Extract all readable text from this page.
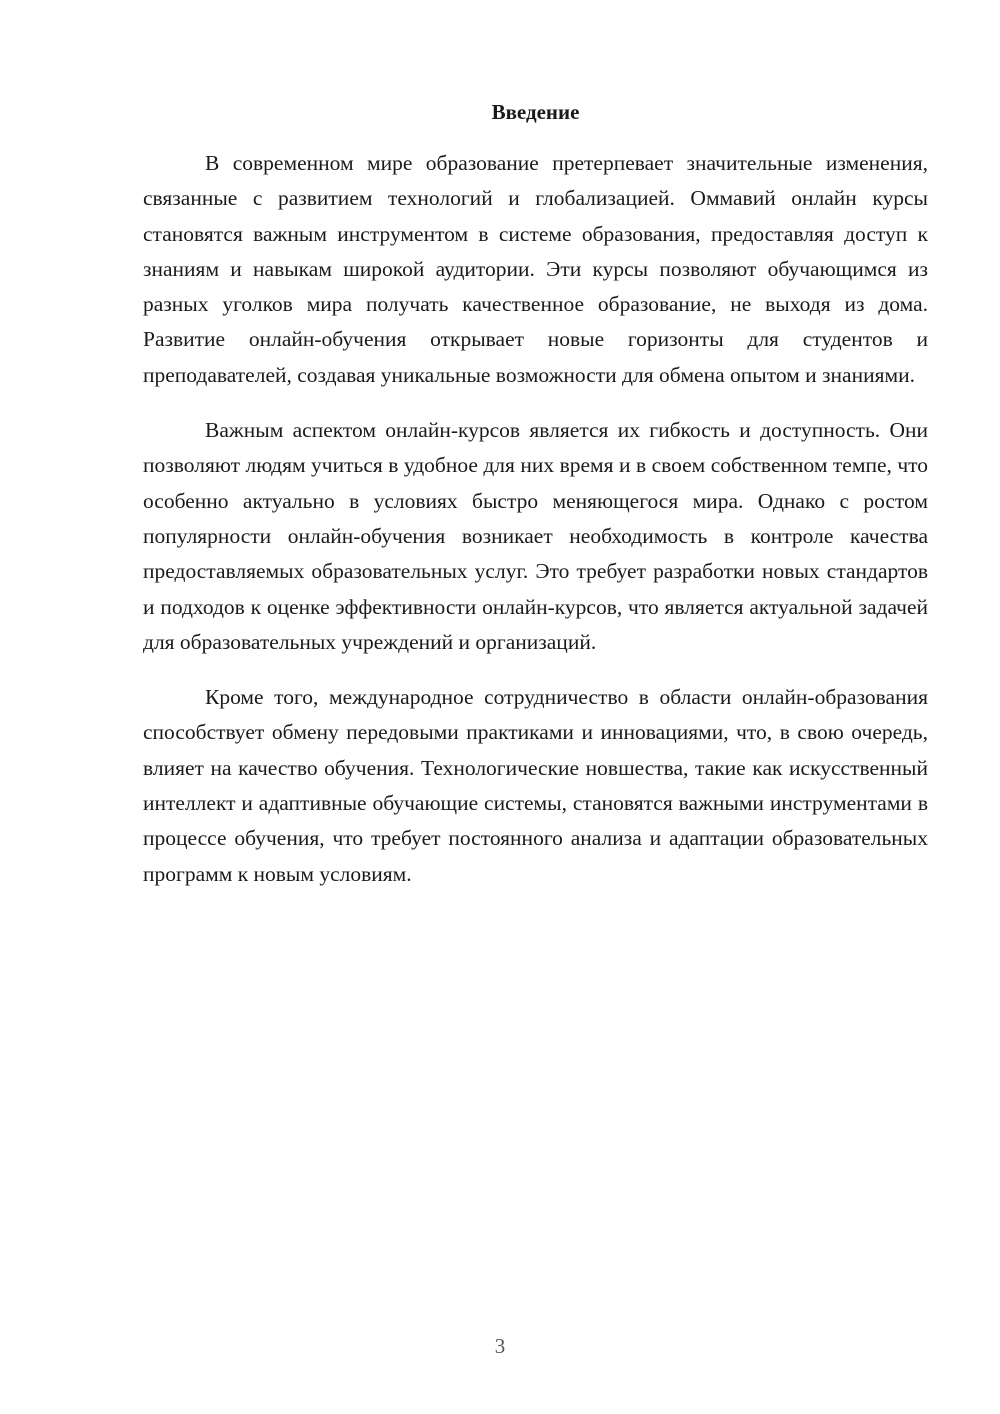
Введение

В современном мире образование претерпевает значительные изменения, связанные с развитием технологий и глобализацией. Оммавий онлайн курсы становятся важным инструментом в системе образования, предоставляя доступ к знаниям и навыкам широкой аудитории. Эти курсы позволяют обучающимся из разных уголков мира получать качественное образование, не выходя из дома. Развитие онлайн-обучения открывает новые горизонты для студентов и преподавателей, создавая уникальные возможности для обмена опытом и знаниями.

Важным аспектом онлайн-курсов является их гибкость и доступность. Они позволяют людям учиться в удобное для них время и в своем собственном темпе, что особенно актуально в условиях быстро меняющегося мира. Однако с ростом популярности онлайн-обучения возникает необходимость в контроле качества предоставляемых образовательных услуг. Это требует разработки новых стандартов и подходов к оценке эффективности онлайн-курсов, что является актуальной задачей для образовательных учреждений и организаций.

Кроме того, международное сотрудничество в области онлайн-образования способствует обмену передовыми практиками и инновациями, что, в свою очередь, влияет на качество обучения. Технологические новшества, такие как искусственный интеллект и адаптивные обучающие системы, становятся важными инструментами в процессе обучения, что требует постоянного анализа и адаптации образовательных программ к новым условиям.

3
